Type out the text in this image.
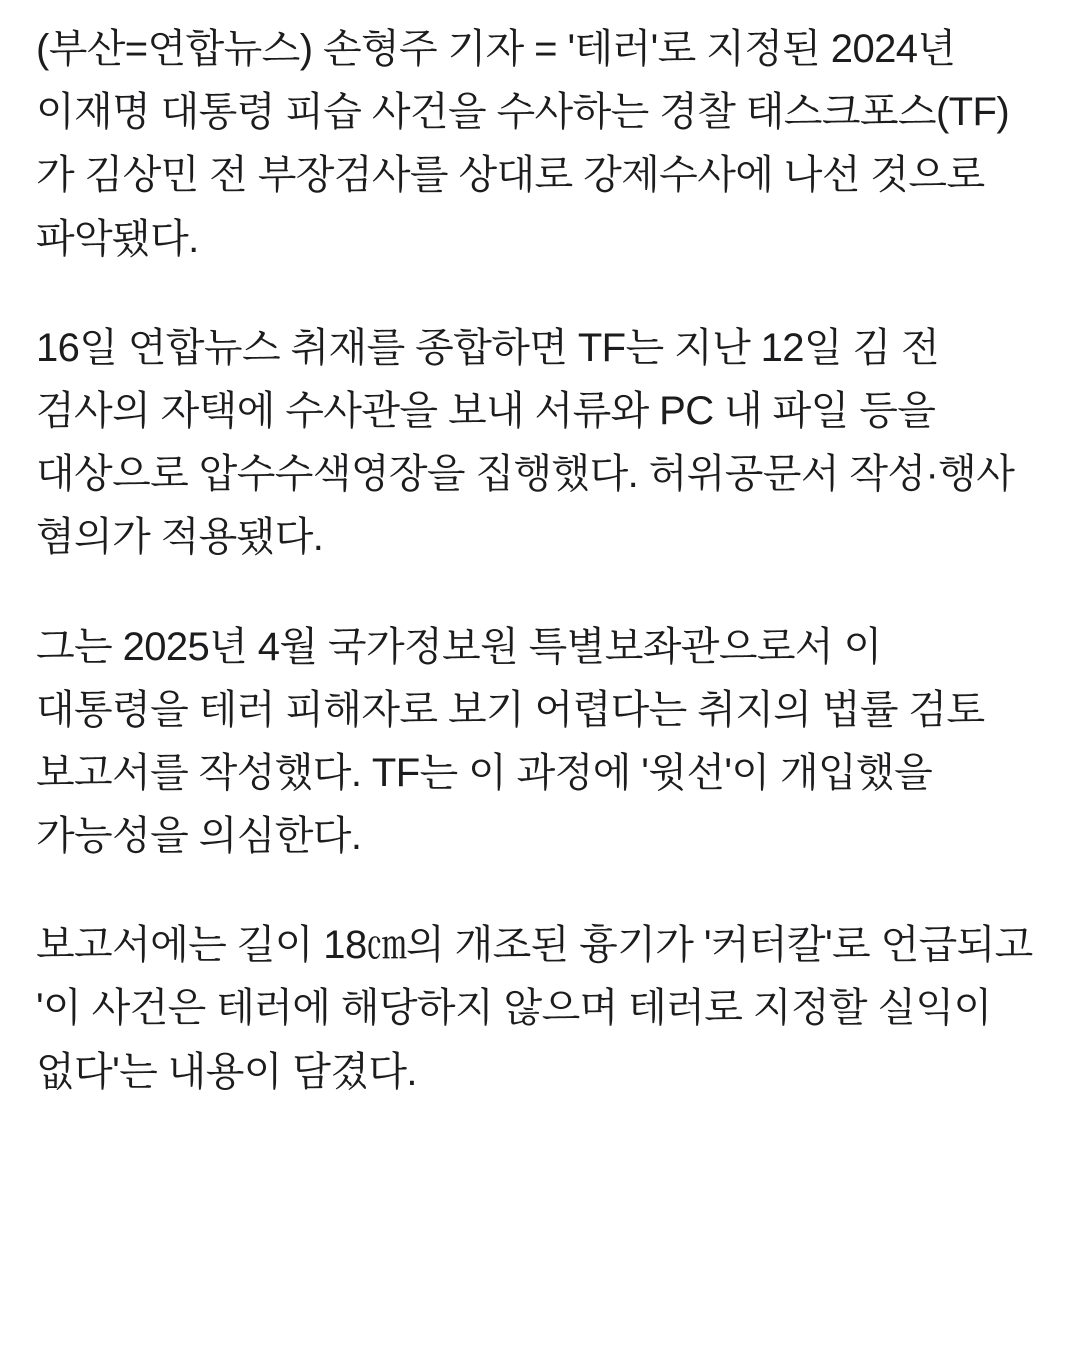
(부산=연합뉴스) 손형주 기자 = '테러'로 지정된 2024년 이재명 대통령 피습 사건을 수사하는 경찰 태스크포스(TF)가 김상민 전 부장검사를 상대로 강제수사에 나선 것으로 파악됐다.

16일 연합뉴스 취재를 종합하면 TF는 지난 12일 김 전 검사의 자택에 수사관을 보내 서류와 PC 내 파일 등을 대상으로 압수수색영장을 집행했다. 허위공문서 작성·행사 혐의가 적용됐다.

그는 2025년 4월 국가정보원 특별보좌관으로서 이 대통령을 테러 피해자로 보기 어렵다는 취지의 법률 검토 보고서를 작성했다. TF는 이 과정에 '윗선'이 개입했을 가능성을 의심한다.

보고서에는 길이 18㎝의 개조된 흉기가 '커터칼'로 언급되고 '이 사건은 테러에 해당하지 않으며 테러로 지정할 실익이 없다'는 내용이 담겼다.
